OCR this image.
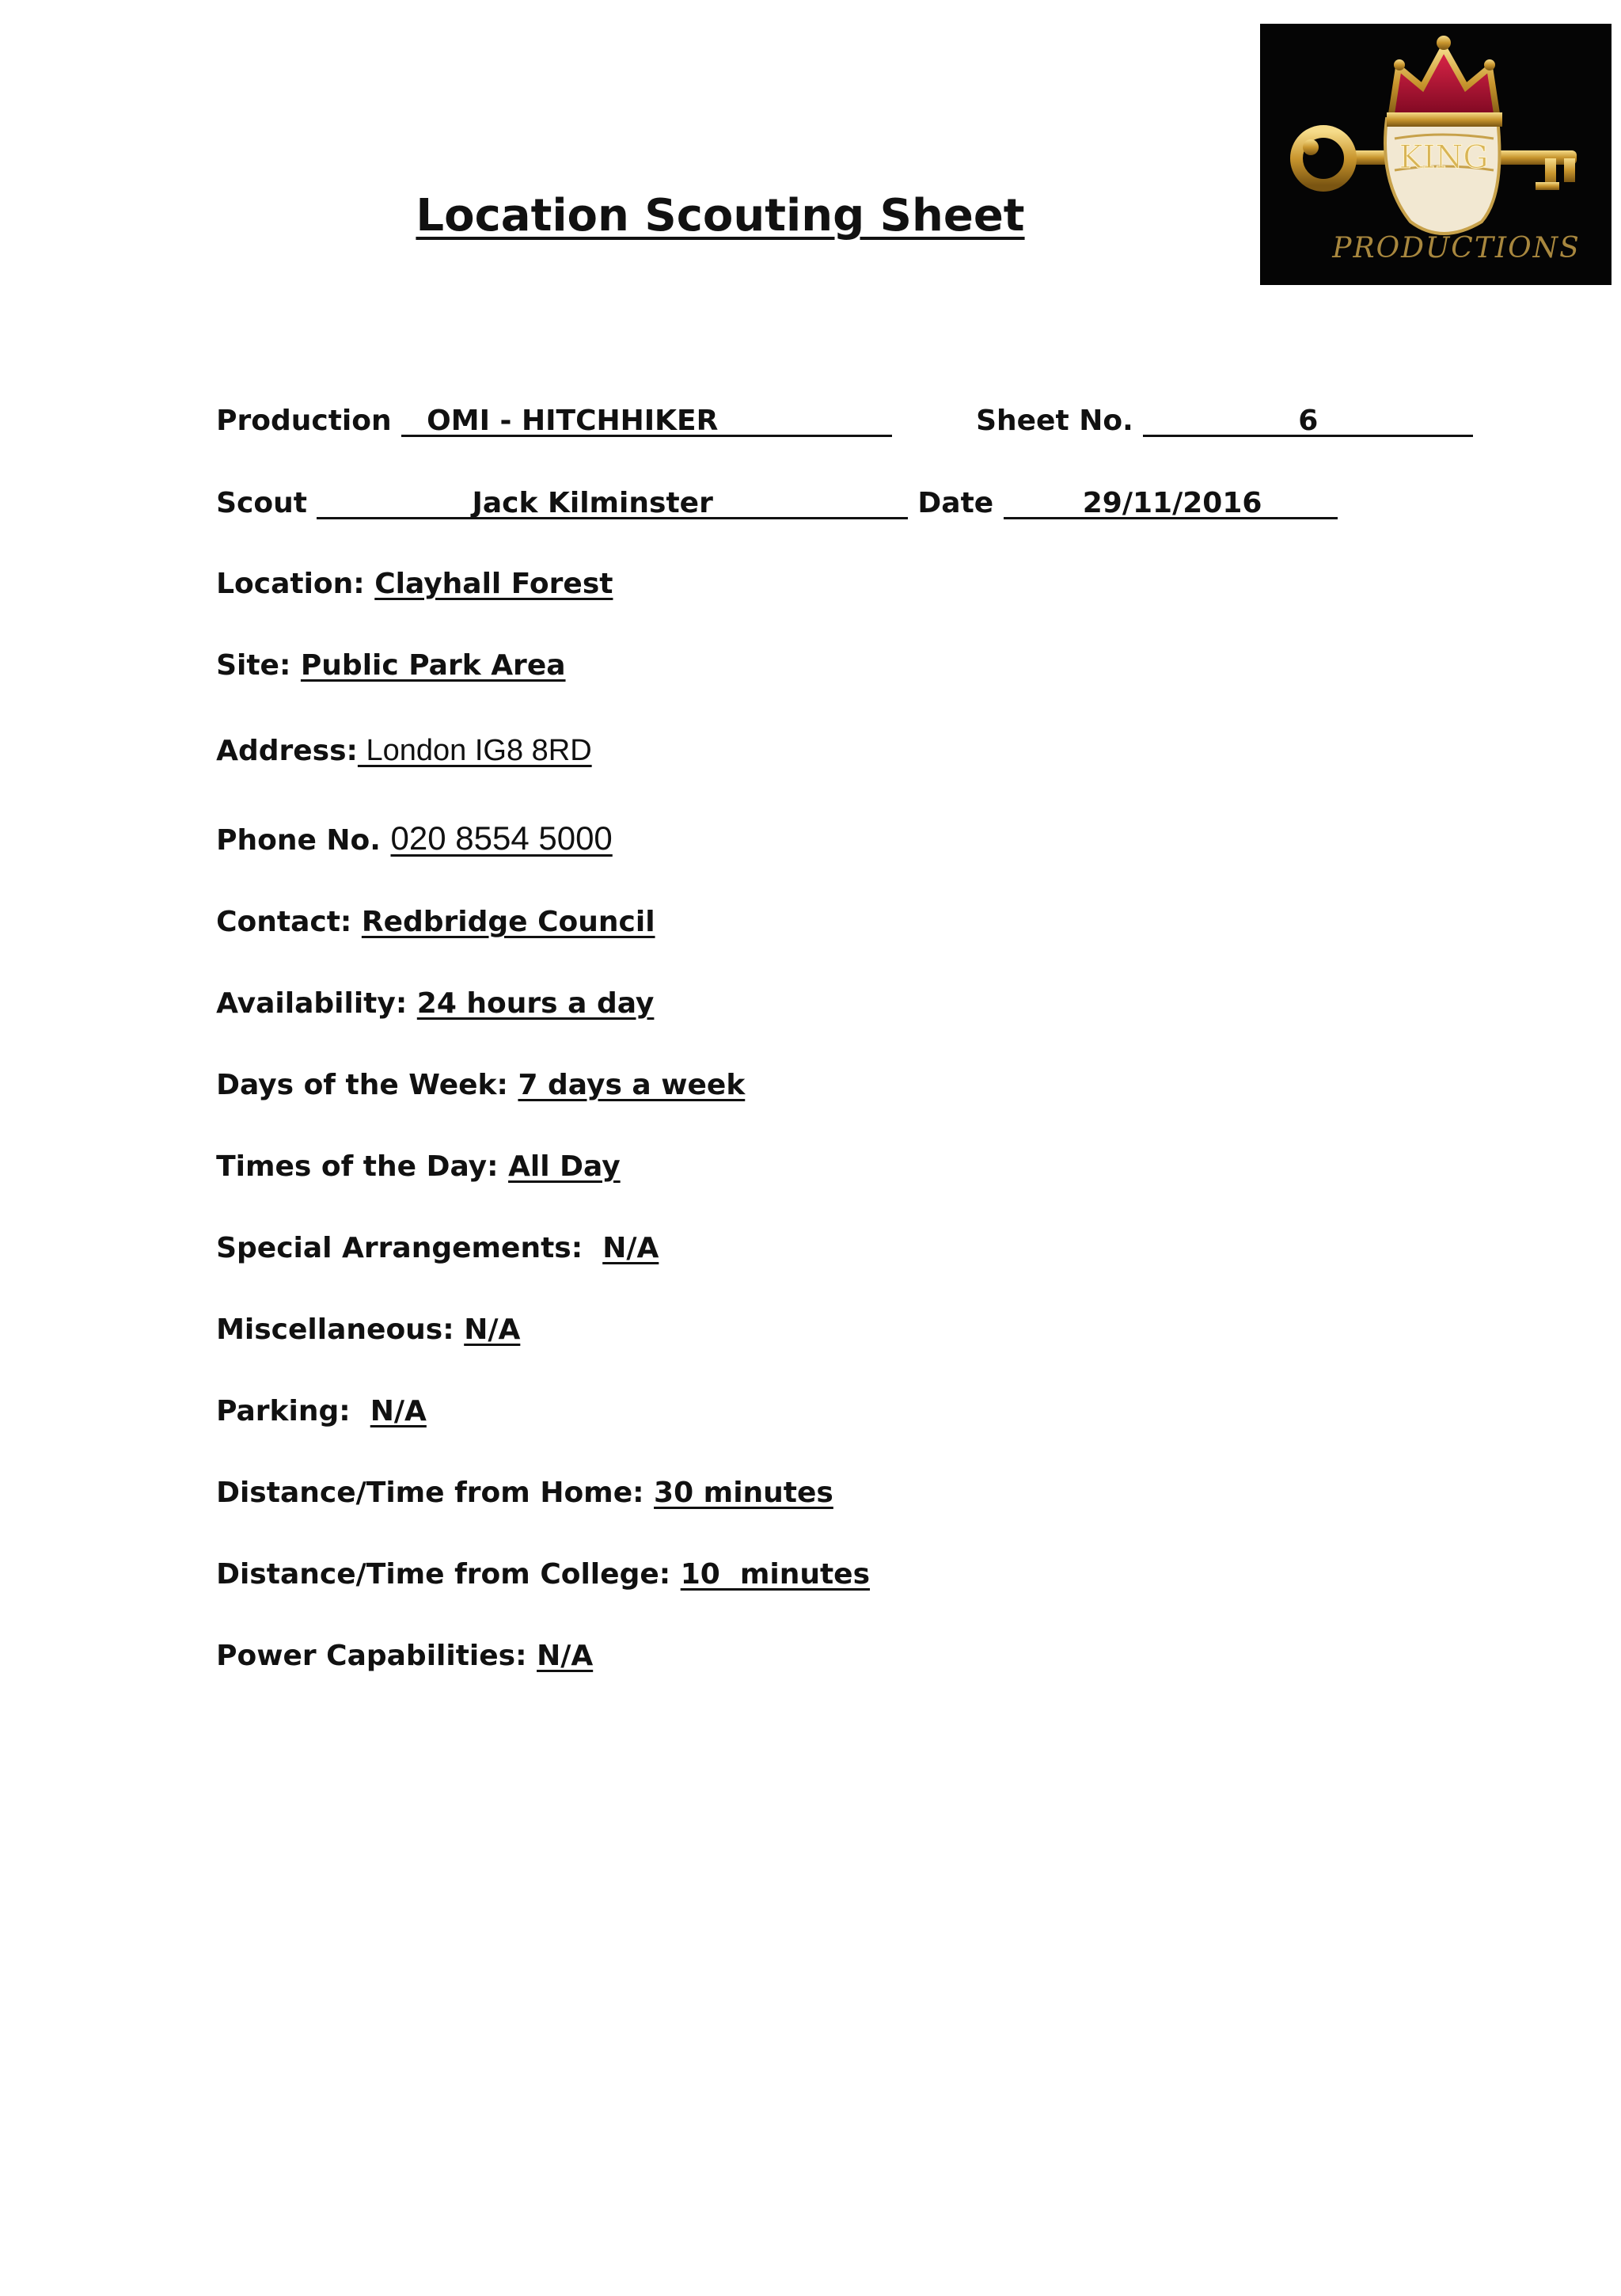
KING
PRODUCTIONS
Location Scouting Sheet

Production OMI - HITCHHIKER	Sheet No.	6

Scout	Jack Kilminster	Date	29/11/2016

Location: Clayhall Forest

Site: Public Park Area

Address: London IG8 8RD

Phone No. 020 8554 5000

Contact: Redbridge Council

Availability: 24 hours a day

Days of the Week: 7 days a week

Times of the Day: All Day

Special Arrangements: N/A

Miscellaneous: N/A

Parking: N/A

Distance/Time from Home: 30 minutes

Distance/Time from College: 10  minutes

Power Capabilities: N/A
